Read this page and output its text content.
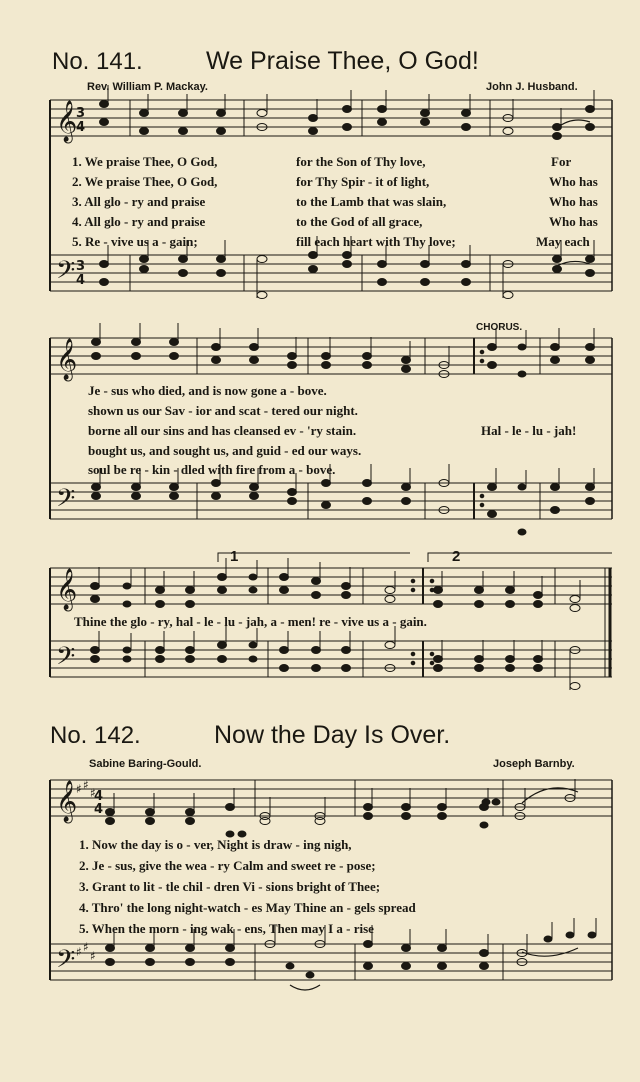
No. 141.	We Praise Thee, O God!
Rev. William P. Mackay.	John J. Husband.
𝄞
3
4
𝄢 3
4
𝄞
𝄢
𝄞
𝄢
𝄞
♯ ♯
♯
4
4
𝄢 ♯ ♯
♯
1	2
1. We praise Thee, O God,	for the Son of Thy love,	For
2. We praise Thee, O God,	for Thy Spir - it of light,	Who has
3. All glo - ry and praise	to the Lamb that was slain,	Who has
4. All glo - ry and praise	to the God of all grace,	Who has
5. Re - vive us a - gain;	fill each heart with Thy love;	May each
CHORUS.
Je - sus who died, and is now gone a - bove.
shown us our Sav - ior and scat - tered our night.
borne all our sins and has cleansed ev - 'ry stain.	Hal - le - lu - jah!
bought us, and sought us, and guid - ed our ways.
soul be re - kin - dled with fire from a - bove.
Thine the glo - ry, hal - le - lu - jah, a - men! re - vive us a - gain.
No. 142.	Now the Day Is Over.
Sabine Baring-Gould.	Joseph Barnby.
1. Now the day is o - ver, Night is draw - ing nigh,
2. Je - sus, give the wea - ry Calm and sweet re - pose;
3. Grant to lit - tle chil - dren Vi - sions bright of Thee;
4. Thro' the long night-watch - es May Thine an - gels spread
5. When the morn - ing wak - ens, Then may I a - rise
